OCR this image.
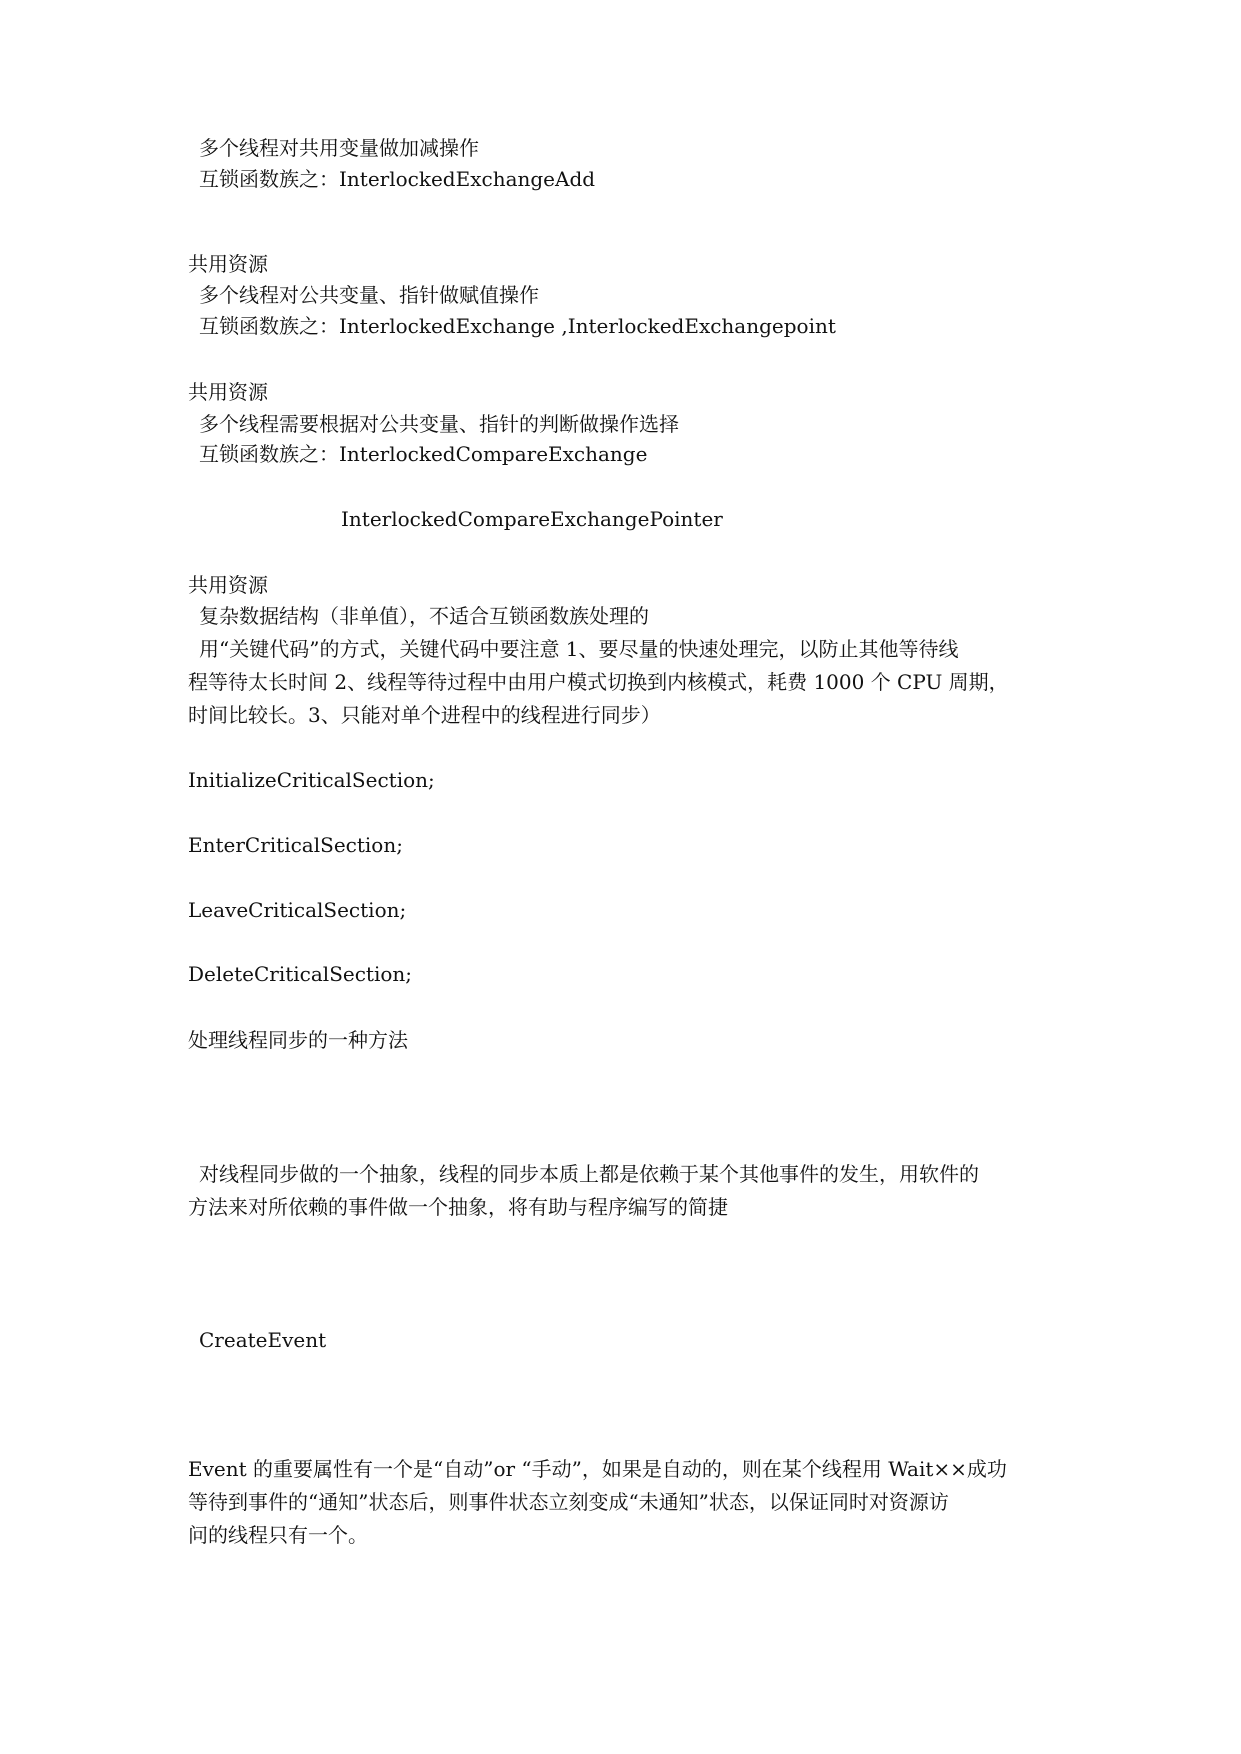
多个线程对共用变量做加减操作
互锁函数族之：InterlockedExchangeAdd
共用资源
多个线程对公共变量、指针做赋值操作
互锁函数族之：InterlockedExchange ,InterlockedExchangepoint
共用资源
多个线程需要根据对公共变量、指针的判断做操作选择
互锁函数族之：InterlockedCompareExchange
InterlockedCompareExchangePointer
共用资源
复杂数据结构（非单值），不适合互锁函数族处理的
用“关键代码”的方式，关键代码中要注意 1、要尽量的快速处理完，以防止其他等待线
程等待太长时间 2、线程等待过程中由用户模式切换到内核模式，耗费 1000 个 CPU 周期，
时间比较长。3、只能对单个进程中的线程进行同步）
InitializeCriticalSection;
EnterCriticalSection;
LeaveCriticalSection;
DeleteCriticalSection;
处理线程同步的一种方法
对线程同步做的一个抽象，线程的同步本质上都是依赖于某个其他事件的发生，用软件的
方法来对所依赖的事件做一个抽象，将有助与程序编写的简捷
CreateEvent
Event 的重要属性有一个是“自动”or “手动”，如果是自动的，则在某个线程用 Wait××成功
等待到事件的“通知”状态后，则事件状态立刻变成“未通知”状态，以保证同时对资源访
问的线程只有一个。
